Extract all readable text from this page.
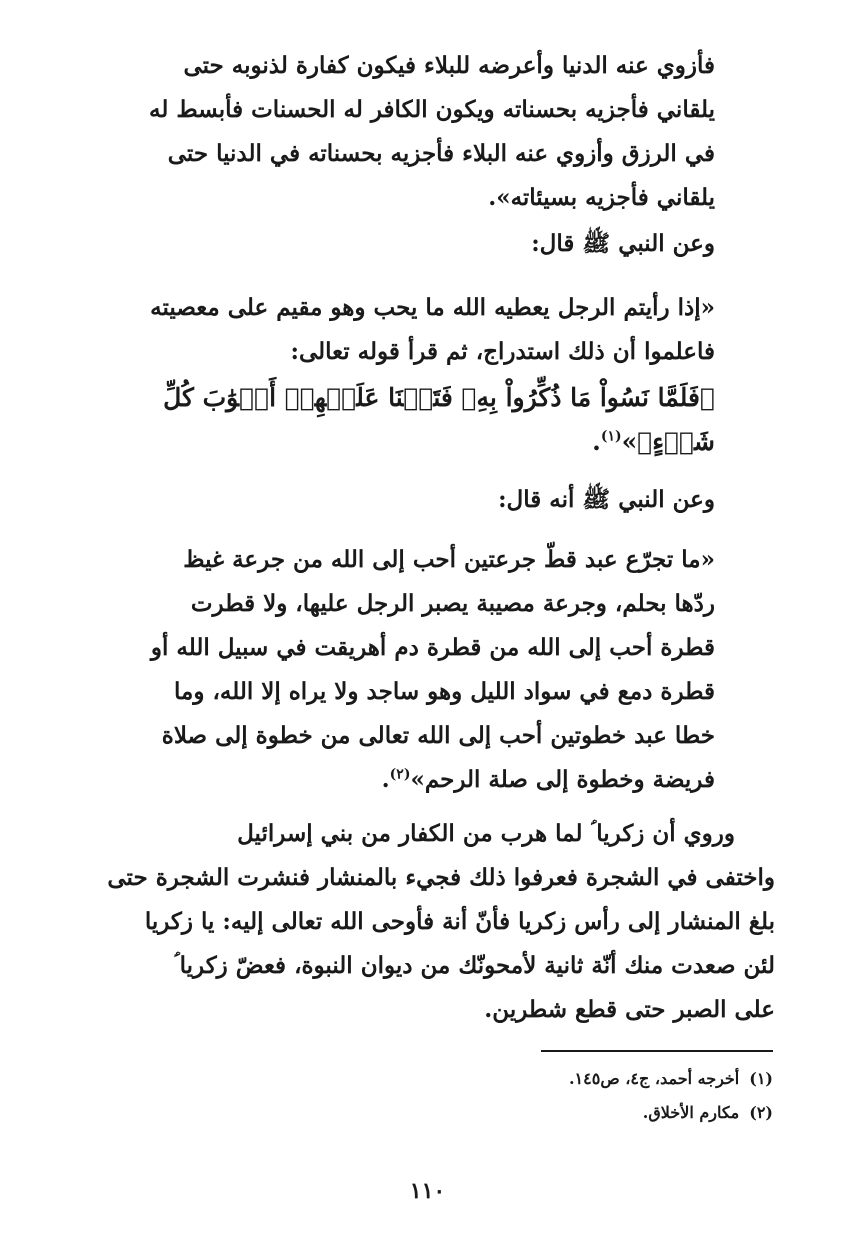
فأزوي عنه الدنيا وأعرضه للبلاء فيكون كفارة لذنوبه حتى
يلقاني فأجزيه بحسناته ويكون الكافر له الحسنات فأبسط له
في الرزق وأزوي عنه البلاء فأجزيه بحسناته في الدنيا حتى
يلقاني فأجزيه بسيئاته».
وعن النبي ﷺ قال:
«إذا رأيتم الرجل يعطيه الله ما يحب وهو مقيم على معصيته
فاعلموا أن ذلك استدراج، ثم قرأ قوله تعالى:
﴿فَلَمَّا نَسُواْ مَا ذُكِّرُواْ بِهِۦ فَتَحۡنَا عَلَيۡهِمۡ أَبۡوَٰبَ كُلِّ
شَيۡءٍ﴾»$^{(١)}$.
وعن النبي ﷺ أنه قال:
«ما تجرّع عبد قطّ جرعتين أحب إلى الله من جرعة غيظ
ردّها بحلم، وجرعة مصيبة يصبر الرجل عليها، ولا قطرت
قطرة أحب إلى الله من قطرة دم أهريقت في سبيل الله أو
قطرة دمع في سواد الليل وهو ساجد ولا يراه إلا الله، وما
خطا عبد خطوتين أحب إلى الله تعالى من خطوة إلى صلاة
فريضة وخطوة إلى صلة الرحم»$^{(٢)}$.
وروي أن زكريا ؑ لما هرب من الكفار من بني إسرائيل
واختفى في الشجرة فعرفوا ذلك فجيء بالمنشار فنشرت الشجرة حتى
بلغ المنشار إلى رأس زكريا فأنّ أنة فأوحى الله تعالى إليه: يا زكريا
لئن صعدت منك أنّة ثانية لأمحونّك من ديوان النبوة، فعضّ زكريا ؑ
على الصبر حتى قطع شطرين.
(١)أخرجه أحمد، ج٤، ص١٤٥.
(٢)مكارم الأخلاق.
١١٠
